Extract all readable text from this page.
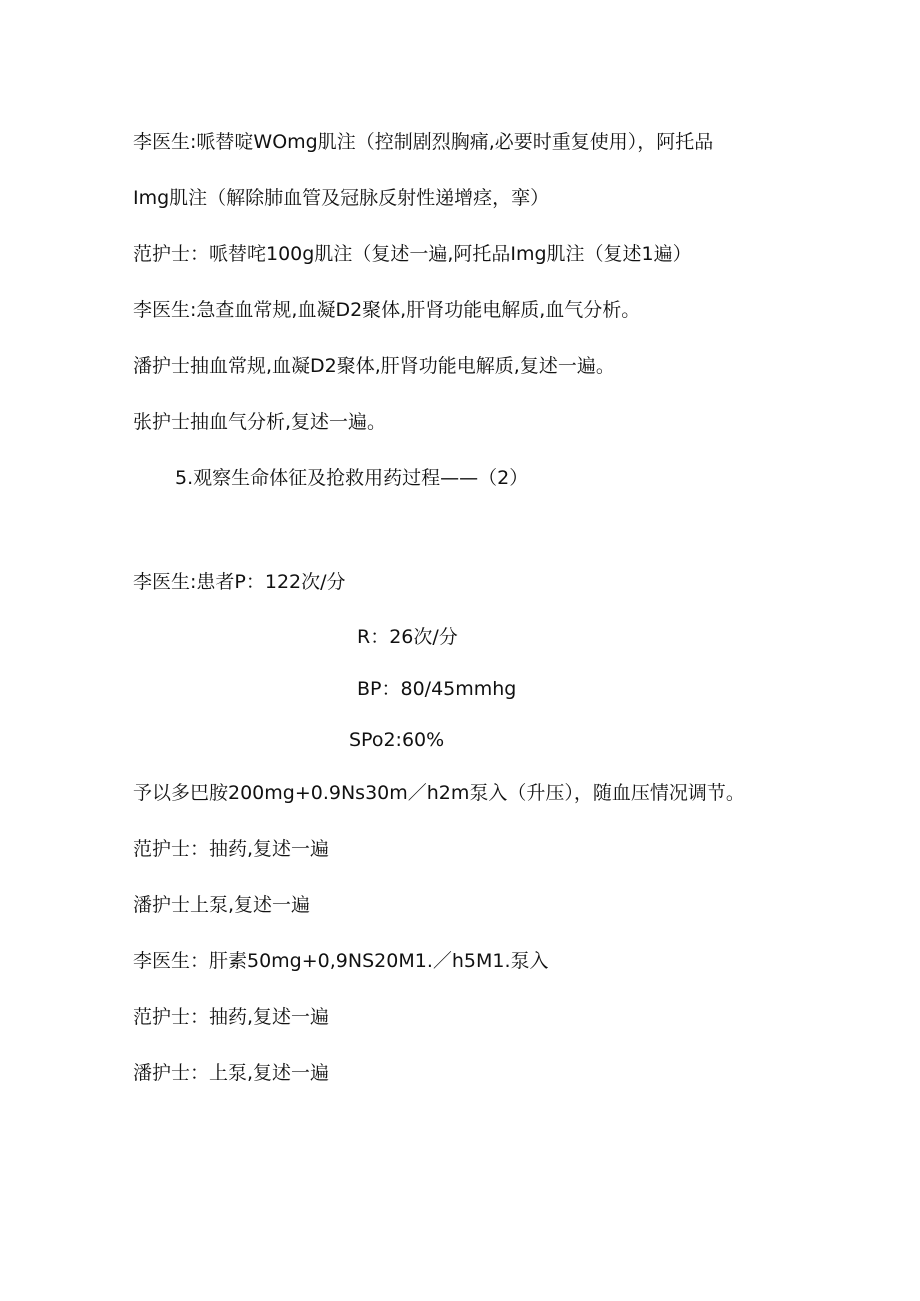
李医生:哌替啶WOmg肌注（控制剧烈胸痛,必要时重复使用），阿托品
Img肌注（解除肺血管及冠脉反射性递增痉，挛）
范护士：哌替咤100g肌注（复述一遍,阿托品Img肌注（复述1遍）
李医生:急查血常规,血凝D2聚体,肝肾功能电解质,血气分析。
潘护士抽血常规,血凝D2聚体,肝肾功能电解质,复述一遍。
张护士抽血气分析,复述一遍。
5.观察生命体征及抢救用药过程——（2）
李医生:患者P：122次/分
R：26次/分
BP：80/45mmhg
SPo2:60%
予以多巴胺200mg+0.9Ns30m／h2m泵入（升压），随血压情况调节。
范护士：抽药,复述一遍
潘护士上泵,复述一遍
李医生：肝素50mg+0,9NS20M1.／h5M1.泵入
范护士：抽药,复述一遍
潘护士：上泵,复述一遍
